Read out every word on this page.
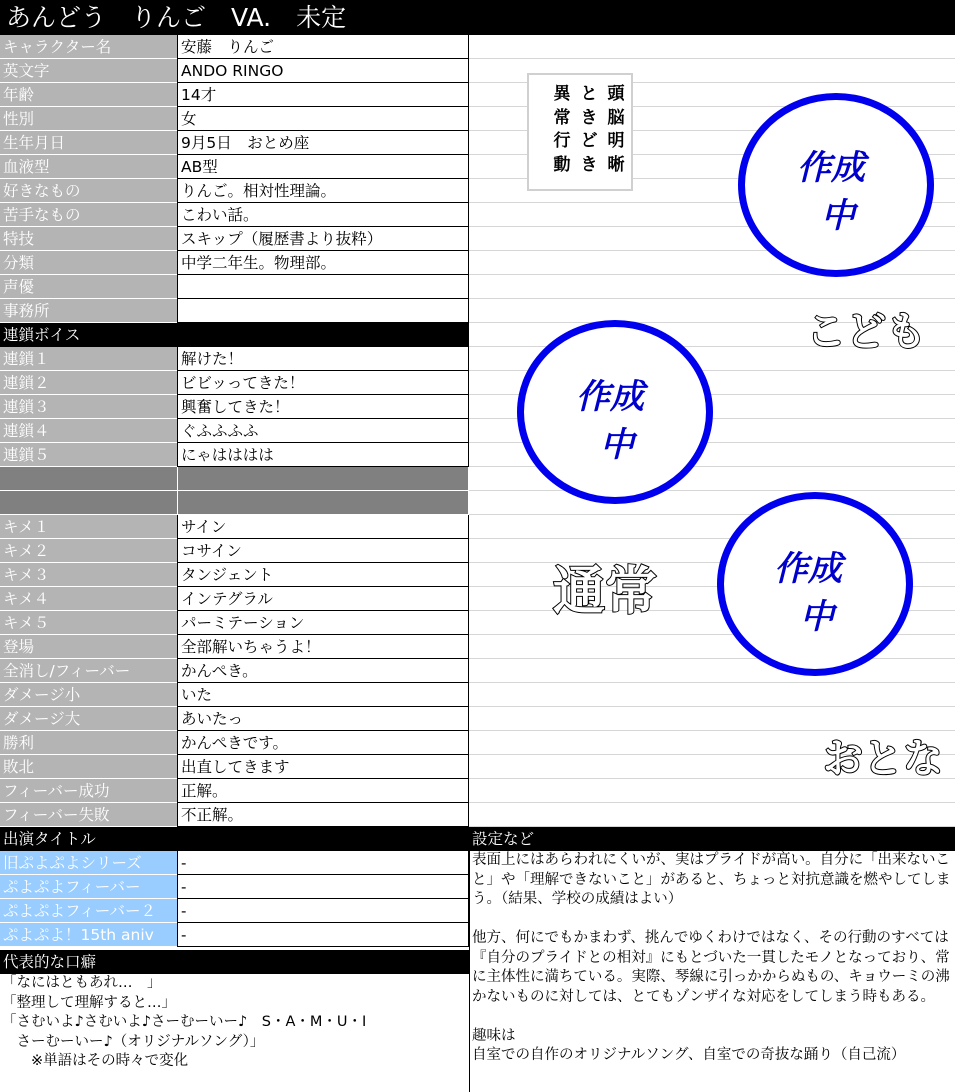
あんどう　りんご　VA.　未定
キャラクター名	安藤　りんご
英文字	ANDO RINGO
年齢	14才
性別	女
生年月日	9月5日　おとめ座
血液型	AB型
好きなもの	りんご。相対性理論。
苦手なもの	こわい話。
特技	スキップ（履歴書より抜粋）
分類	中学二年生。物理部。
声優
事務所
連鎖ボイス
連鎖１	解けた！
連鎖２	ビビッってきた！
連鎖３	興奮してきた！
連鎖４	ぐふふふふ
連鎖５	にゃはははは
キメ１	サイン
キメ２	コサイン
キメ３	タンジェント
キメ４	インテグラル
キメ５	パーミテーション
登場	全部解いちゃうよ！
全消し/フィーバー	かんぺき。
ダメージ小	いた
ダメージ大	あいたっ
勝利	かんぺきです。
敗北	出直してきます
フィーバー成功	正解。
フィーバー失敗	不正解。
出演タイトル	設定など
旧ぷよぷよシリーズ	-
ぷよぷよフィーバー	-
ぷよぷよフィーバー２	-
ぷよぷよ！15th aniv	-
代表的な口癖
「なにはともあれ…　」
「整理して理解すると…」
「さむいよ♪さむいよ♪さーむーいー♪　S・A・M・U・I
　さーむーいー♪（オリジナルソング）」
　　※単語はその時々で変化

表面上にはあらわれにくいが、実はプライドが高い。自分に「出来ないこと」や「理解できないこと」があると、ちょっと対抗意識を燃やしてしまう。（結果、学校の成績はよい）

他方、何にでもかまわず、挑んでゆくわけではなく、その行動のすべては『自分のプライドとの相対』にもとづいた一貫したモノとなっており、常に主体性に満ちている。実際、琴線に引っかからぬもの、キョウーミの沸かないものに対しては、とてもゾンザイな対応をしてしまう時もある。

趣味は

自室での自作のオリジナルソング、自室での奇抜な踊り（自己流）

頭脳明晰
と き ど き
異常行動	作成
中
作成
中
作成
中
こども
通常
おとな
